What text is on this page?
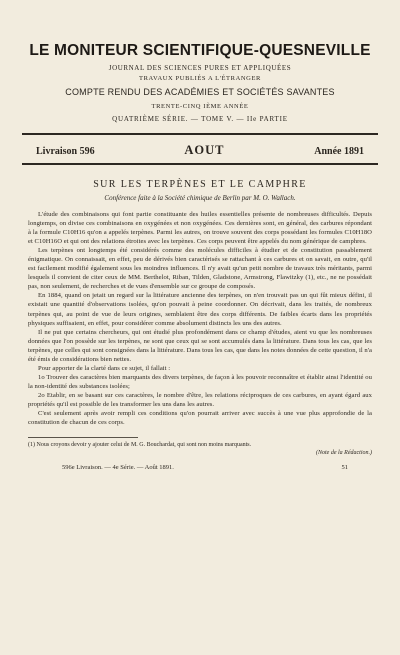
LE MONITEUR SCIENTIFIQUE-QUESNEVILLE
JOURNAL DES SCIENCES PURES ET APPLIQUÉES
TRAVAUX PUBLIÉS A L'ÉTRANGER
COMPTE RENDU DES ACADÉMIES ET SOCIÉTÉS SAVANTES
TRENTE-CINQ IÈME ANNÉE
QUATRIÈME SÉRIE. — TOME V. — IIe PARTIE
Livraison 596	AOUT	Année 1891
SUR LES TERPÈNES ET LE CAMPHRE
Conférence faite à la Société chimique de Berlin par M. O. Wallach.

L'étude des combinaisons qui font partie constituante des huiles essentielles présente de nombreuses difficultés. Depuis longtemps, on divise ces combinaisons en oxygénées et non oxygénées. Ces dernières sont, en général, des carbures répondant à la formule C10H16 qu'on a appelés terpènes. Parmi les autres, on trouve souvent des corps possédant les formules C10H18O et C10H16O et qui ont des relations étroites avec les terpènes. Ces corps peuvent être appelés du nom générique de camphres.

Les terpènes ont longtemps été considérés comme des molécules difficiles à étudier et de constitution passablement énigmatique. On connaissait, en effet, peu de dérivés bien caractérisés se rattachant à ces carbures et on savait, en outre, qu'il est facilement modifié également sous les moindres influences. Il n'y avait qu'un petit nombre de travaux très méritants, parmi lesquels il convient de citer ceux de MM. Berthelot, Riban, Tilden, Gladstone, Armstrong, Flawitzky (1), etc., ne ne possédait pas, non seulement, de recherches et de vues d'ensemble sur ce groupe de composés.

En 1884, quand on jetait un regard sur la littérature ancienne des terpènes, on n'en trouvait pas un qui fût mieux défini, il existait une quantité d'observations isolées, qu'on pouvait à peine coordonner. On décrivait, dans les traités, de nombreux terpènes qui, au point de vue de leurs origines, semblaient être des corps différents. De faibles écarts dans les propriétés physiques suffisaient, en effet, pour considérer comme absolument distincts les uns des autres.

Il ne put que certains chercheurs, qui ont étudié plus profondément dans ce champ d'études, aient vu que les nombreuses données que l'on possède sur les terpènes, ne sont que ceux qui se sont accumulés dans la littérature. Dans tous les cas, que les terpènes, que celles qui sont consignées dans la littérature. Dans tous les cas, que dans les notes données de cette question, il n'a été émis de considérations bien nettes.

Pour apporter de la clarté dans ce sujet, il fallait :

1o Trouver des caractères bien marquants des divers terpènes, de façon à les pouvoir reconnaître et établir ainsi l'identité ou la non-identité des substances isolées;

2o Etablir, en se basant sur ces caractères, le nombre d'être, les relations réciproques de ces carbures, en ayant égard aux propriétés qu'il est possible de les transformer les uns dans les autres.

C'est seulement après avoir rempli ces conditions qu'on pourrait arriver avec succès à une vue plus approfondie de la constitution de chacun de ces corps.

(1) Nous croyons devoir y ajouter celui de M. G. Bouchardat, qui sont non moins marquants.
(Note de la Rédaction.)
596e Livraison. — 4e Série. — Août 1891.	51
